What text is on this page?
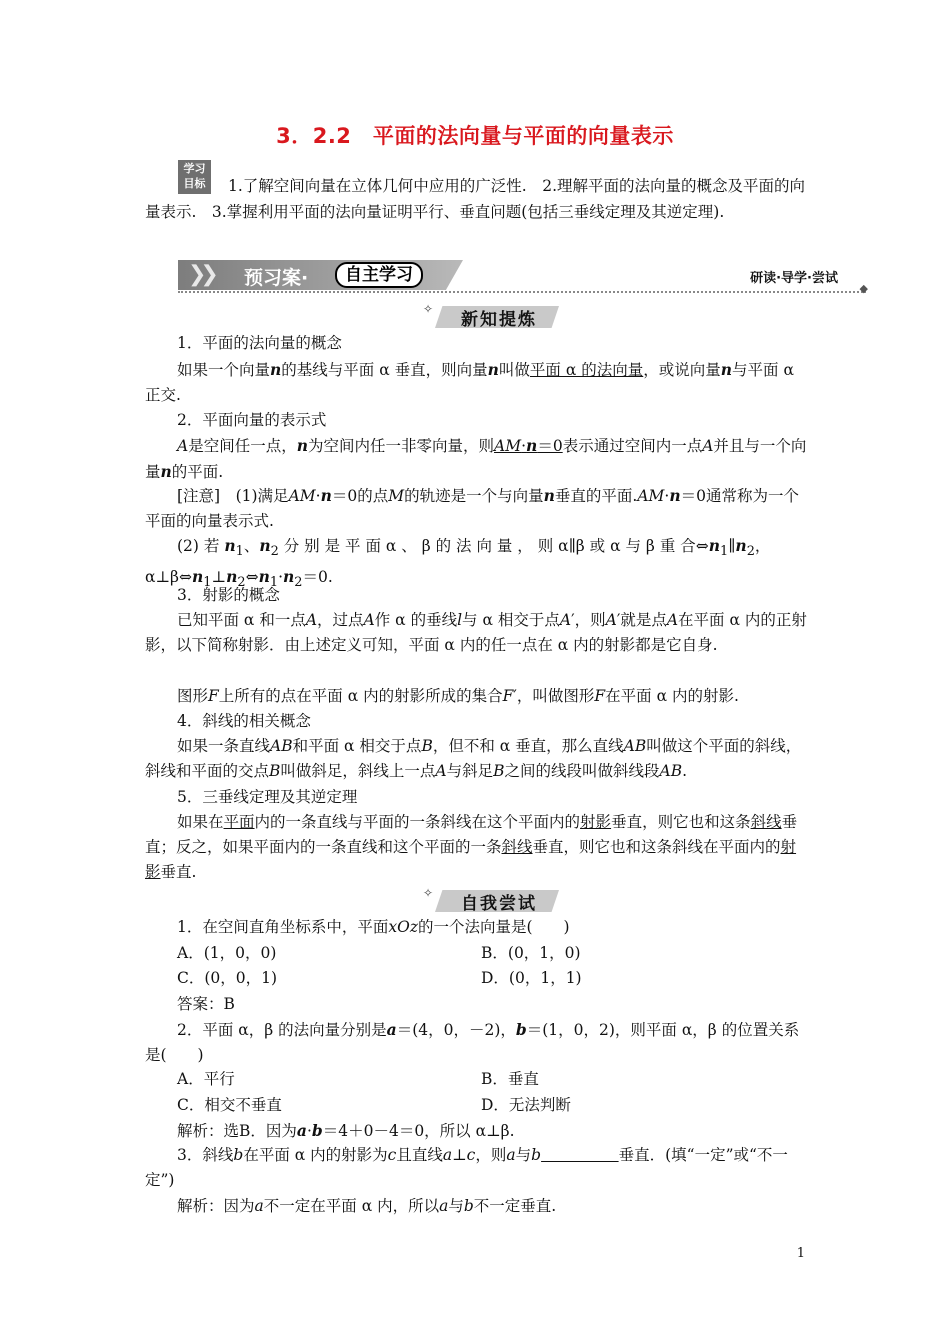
3．2.2　平面的法向量与平面的向量表示
学习
目标	1.了解空间向量在立体几何中应用的广泛性.　2.理解平面的法向量的概念及平面的向量表示.　3.掌握利用平面的法向量证明平行、垂直问题(包括三垂线定理及其逆定理).
❯❯ 预习案·	自主学习	研读·导学·尝试
◆
✧
新知提炼
1．平面的法向量的概念
如果一个向量n的基线与平面 α 垂直，则向量n叫做平面 α 的法向量，或说向量n与平面 α 正交.
2．平面向量的表示式
A是空间任一点，n为空间内任一非零向量，则AM·n＝0表示通过空间内一点A并且与一个向量n的平面.
[注意]　(1)满足AM·n＝0的点M的轨迹是一个与向量n垂直的平面.AM·n＝0通常称为一个平面的向量表示式.
(2) 若 $n_1$、$n_2$ 分 别 是 平 面 α 、 β 的 法 向 量 ， 则 α∥β 或 α 与 β 重 合$\Leftrightarrow n_1\parallel n_2$，$\alpha\perp\beta\Leftrightarrow n_1\perp n_2\Leftrightarrow n_1\cdot n_2=0$.
3．射影的概念
已知平面 α 和一点A，过点A作 α 的垂线l与 α 相交于点A′，则A′就是点A在平面 α 内的正射影，以下简称射影．由上述定义可知，平面 α 内的任一点在 α 内的射影都是它自身.
图形F上所有的点在平面 α 内的射影所成的集合F′，叫做图形F在平面 α 内的射影.
4．斜线的相关概念
如果一条直线AB和平面 α 相交于点B，但不和 α 垂直，那么直线AB叫做这个平面的斜线，斜线和平面的交点B叫做斜足，斜线上一点A与斜足B之间的线段叫做斜线段AB.
5．三垂线定理及其逆定理
如果在平面内的一条直线与平面的一条斜线在这个平面内的射影垂直，则它也和这条斜线垂直；反之，如果平面内的一条直线和这个平面的一条斜线垂直，则它也和这条斜线在平面内的射影垂直.
✧
自我尝试
1．在空间直角坐标系中，平面xOz的一个法向量是(　　)
A．(1，0，0)	B．(0，1，0)
C．(0，0，1)	D．(0，1，1)
答案：B
2．平面 α，β 的法向量分别是a＝(4，0，－2)，b＝(1，0，2)，则平面 α，β 的位置关系是(　　)
A．平行	B．垂直
C．相交不垂直	D．无法判断
解析：选B．因为a·b＝4＋0－4＝0，所以 α⊥β.
3．斜线b在平面 α 内的射影为c且直线a⊥c，则a与b　　　　　	垂直．(填“一定”或“不一定”)
解析：因为a不一定在平面 α 内，所以a与b不一定垂直.
1
